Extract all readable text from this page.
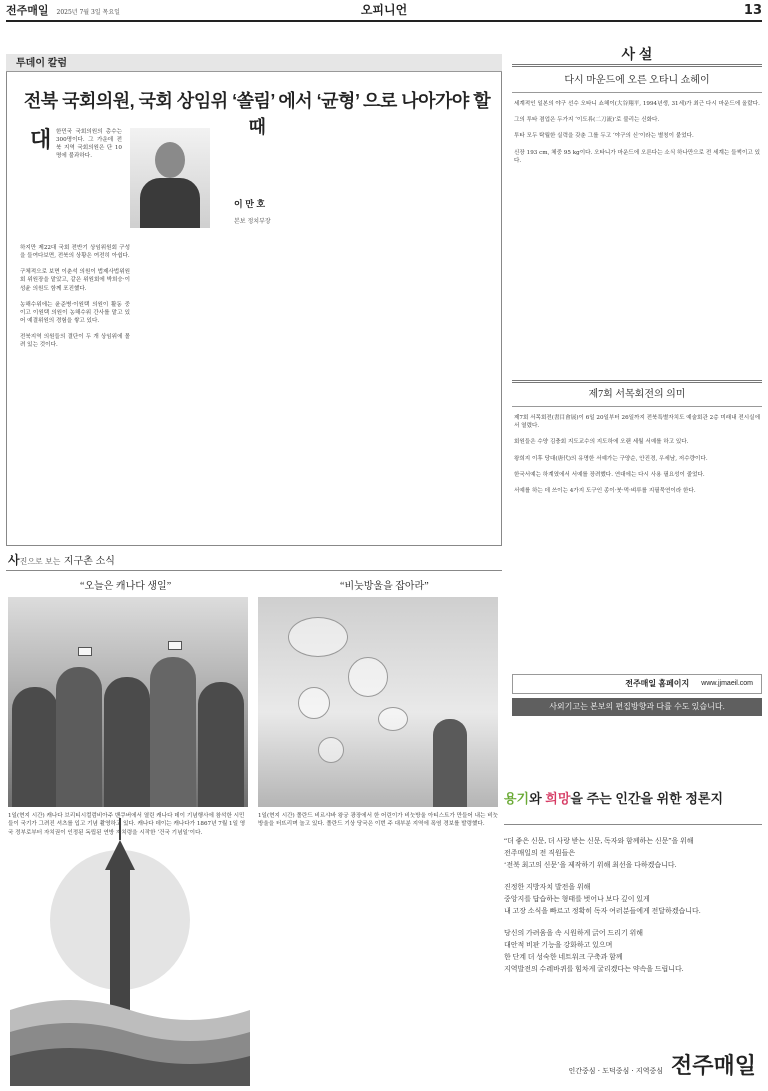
전주매일 2025년 7월 3일 목요일	오피니언	13
투데이 칼럼
전북 국회의원, 국회 상임위 ‘쏠림’ 에서 ‘균형’ 으로 나아가야 할 때
대
이 만 호
본보 정치부장
한민국 국회의원의 총수는 300명이다. 그 가운데 전북 지역 국회의원은 단 10명에 불과하다.
하지만 제22대 국회 전반기 상임위원회 구성을 들여다보면, 전북의 상황은 여전히 아쉽다.

구체적으로 보면 이춘석 의원이 법제사법위원회 위원장을 맡았고, 같은 위원회에 박희승·이성윤 의원도 함께 포진했다.

농해수위에는 윤준병·이원택 의원이 활동 중이고 이원택 의원이 농해수위 간사를 맡고 있어 예결위원의 경험을 쌓고 있다.

전북지역 의원들의 결단이 두 개 상임위에 몰려 있는 것이다.
사진으로 보는 지구촌 소식
“오늘은 캐나다 생일”	“비눗방울을 잡아라”
1일(현지 시간) 캐나다 브리티시컬럼비아주 밴쿠버에서 열린 캐나다 데이 기념행사에 참석한 시민들이 국기가 그려진 셔츠를 입고 기념 촬영하고 있다. 캐나다 데이는 캐나다가 1867년 7월 1일 영국 정부로부터 자치권이 인정된 독립된 연방 자치령을 시작한 ‘건국 기념일’이다.
1일(현지 시간) 폴란드 비르샤바 왕궁 광장에서 한 어린이가 비눗방울 아티스트가 만들어 내는 비눗방울을 터뜨리며 놀고 있다. 폴란드 기상 당국은 이번 주 대부분 지역에 폭염 경보를 발령했다.
사 설
다시 마운드에 오른 오타니 쇼헤이
세계적인 일본의 야구 선수 오타니 쇼헤이(大谷翔平, 1994년생, 31세)가 최근 다시 마운드에 올랐다.

그의 투타 겸업은 두가지 ‘이도류(二刀流)’로 불리는 신화다.

투타 모두 탁월한 실력을 갖춘 그를 두고 ‘야구의 신’이라는 별칭이 붙었다.

신장 193 cm, 체중 95 kg이다. 오타니가 마운드에 오른다는 소식 하나만으로 전 세계는 들썩이고 있다.
제7회 서목회전의 의미
제7회 서목회전(書目會展)이 6일 20일부터 26일까지 전북특별자치도 예술회관 2층 미래내 전시실에서 열렸다.

회원들은 수양 김충회 지도교수의 지도하에 오랜 세월 서예를 하고 있다.

왕희지 이후 당대(唐代)의 유명한 서예가는 구양순, 안진경, 우세남, 저수량이다.

한국서예는 하계였에서 서예를 장려했다. 연대에는 다시 사용 필요성이 줄었다.

서예를 하는 데 쓰이는 4가지 도구인 종이·붓·먹·벼루를 지필묵연이라 한다.
전주매일 홈페이지 www.jjmaeil.com
사외기고는 본보의 편집방향과 다를 수도 있습니다.
용기와 희망을 주는 인간을 위한 정론지
“더 좋은 신문, 더 사랑 받는 신문, 독자와 함께하는 신문”을 위해
전주매일의 전 직원들은
‘전북 최고의 신문’을 제작하기 위해 최선을 다하겠습니다.
진정한 지방자치 발전을 위해
중앙지를 답습하는 형태를 벗어나 보다 깊이 있게
내 고장 소식을 빠르고 정확히 독자 여러분들에게 전달하겠습니다.
당신의 가려움을 속 시원하게 긁어 드리기 위해
대안적 비판 기능을 강화하고 있으며
한 단계 더 성숙한 네트워크 구축과 함께
지역발전의 수레바퀴를 힘차게 굴리겠다는 약속을 드립니다.
인간중심 · 도덕중심 · 지역중심 전주매일
